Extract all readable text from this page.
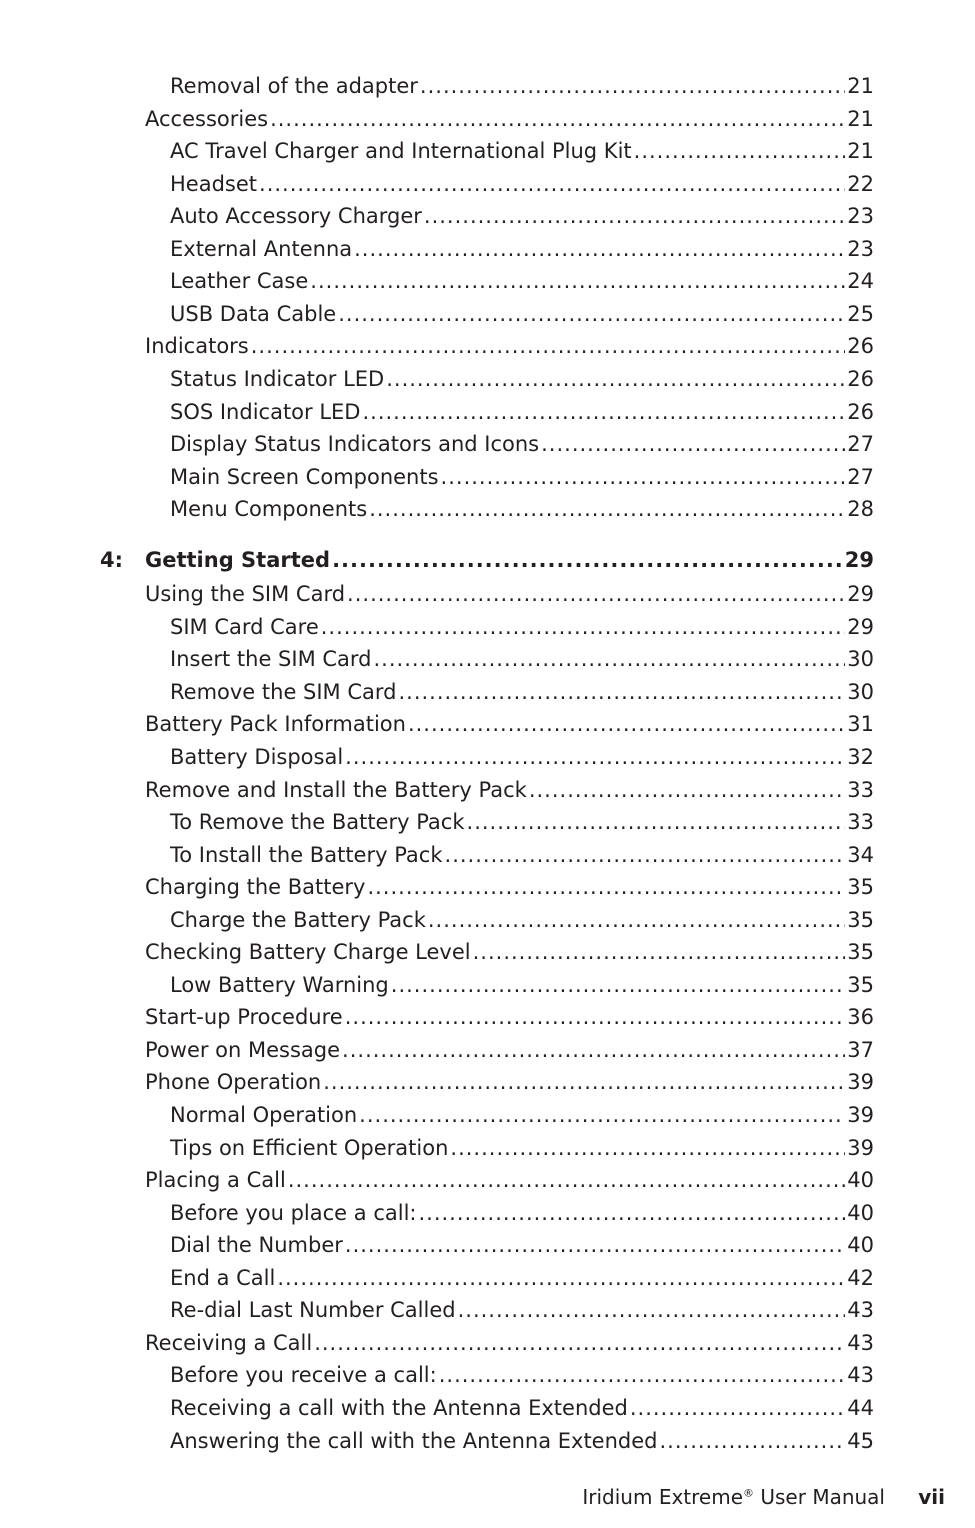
Removal of the adapter .....	21
Accessories .....	21
AC Travel Charger and International Plug Kit .....	21
Headset .....	22
Auto Accessory Charger .....	23
External Antenna .....	23
Leather Case .....	24
USB Data Cable .....	25
Indicators .....	26
Status Indicator LED .....	26
SOS Indicator LED .....	26
Display Status Indicators and Icons .....	27
Main Screen Components .....	27
Menu Components .....	28
4: Getting Started .....	29
Using the SIM Card .....	29
SIM Card Care .....	29
Insert the SIM Card .....	30
Remove the SIM Card .....	30
Battery Pack Information .....	31
Battery Disposal .....	32
Remove and Install the Battery Pack .....	33
To Remove the Battery Pack .....	33
To Install the Battery Pack .....	34
Charging the Battery .....	35
Charge the Battery Pack .....	35
Checking Battery Charge Level .....	35
Low Battery Warning .....	35
Start-up Procedure .....	36
Power on Message .....	37
Phone Operation .....	39
Normal Operation .....	39
Tips on Efficient Operation .....	39
Placing a Call .....	40
Before you place a call: .....	40
Dial the Number .....	40
End a Call .....	42
Re-dial Last Number Called .....	43
Receiving a Call .....	43
Before you receive a call: .....	43
Receiving a call with the Antenna Extended .....	44
Answering the call with the Antenna Extended .....	45
Iridium Extreme® User Manual vii
